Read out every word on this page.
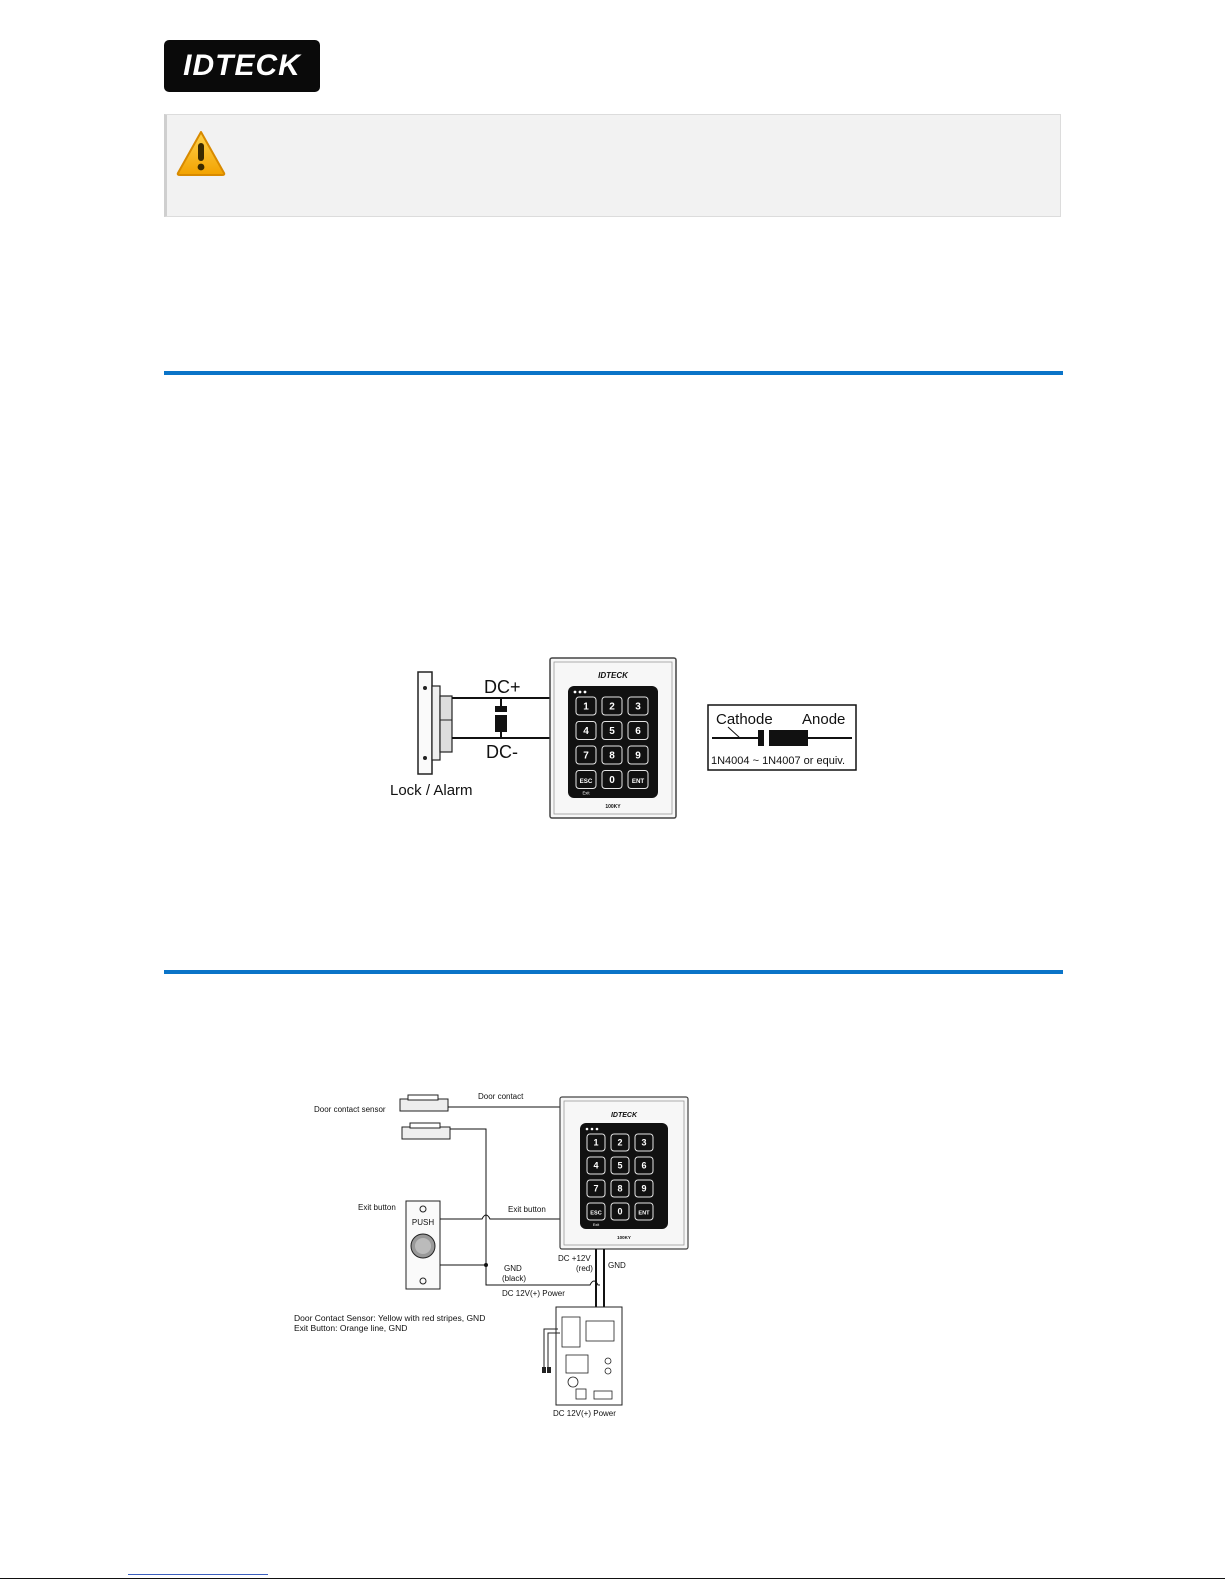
IDTECK
Lock / Alarm
DC+
DC-
IDTECK
1 2 3
4 5 6
7 8 9
ESC
Exit
0	ENT
100KY
Cathode Anode
1N4004 ~ 1N4007 or equiv.
Door contact sensor
Door contact
PUSH
Exit button	Exit button
GND
(black)
DC 12V(+) Power
IDTECK
1 2 3
4 5 6
7 8 9
ESC
Exit
0	ENT
100KY
DC +12V
(red) GND
Door Contact Sensor: Yellow with red stripes, GND
Exit Button: Orange line, GND
DC 12V(+) Power
